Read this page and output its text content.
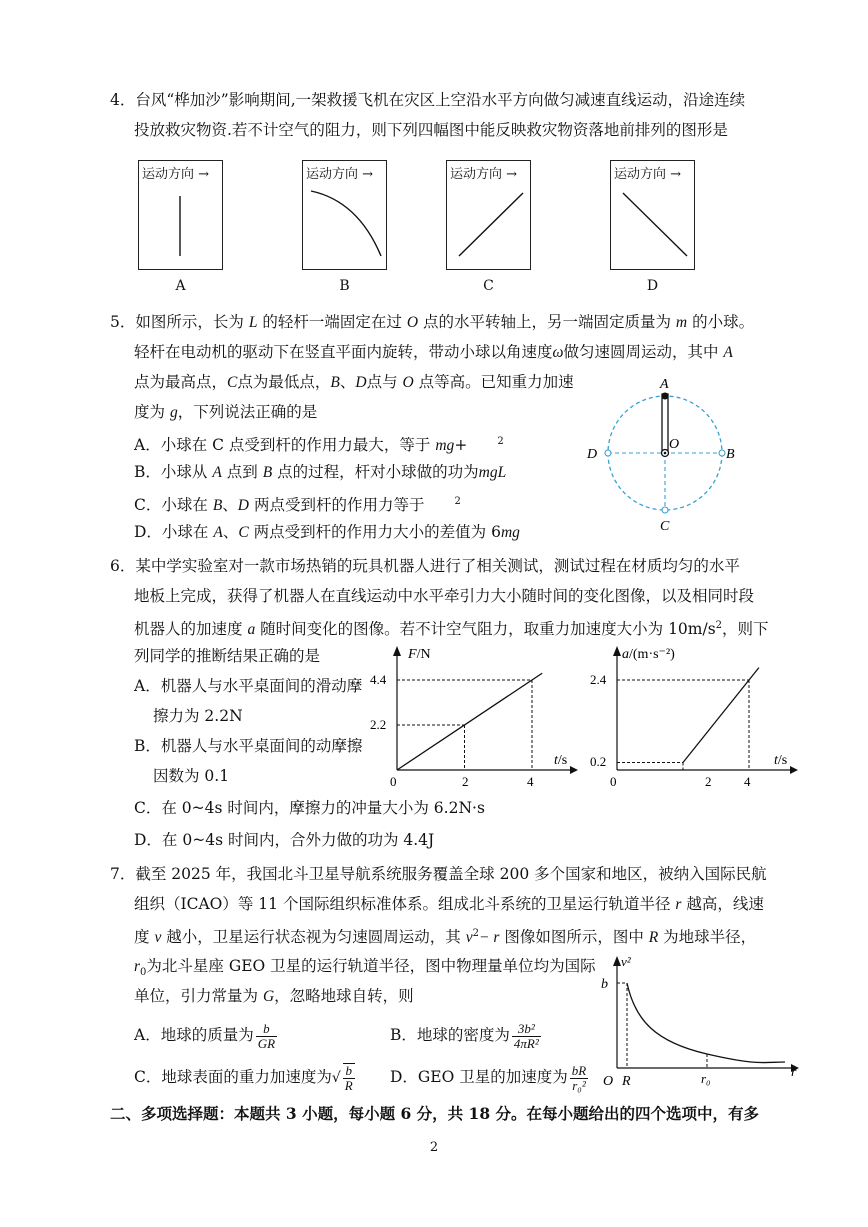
4．台风“桦加沙”影响期间,一架救援飞机在灾区上空沿水平方向做匀减速直线运动，沿途连续
投放救灾物资.若不计空气的阻力，则下列四幅图中能反映救灾物资落地前排列的图形是
运动方向 →
A
运动方向 →
B
运动方向 →
C
运动方向 →
D
5．如图所示，长为 L 的轻杆一端固定在过 O 点的水平转轴上，另一端固定质量为 m 的小球。
轻杆在电动机的驱动下在竖直平面内旋转，带动小球以角速度ω做匀速圆周运动，其中 A
点为最高点，C点为最低点，B、D点与 O 点等高。已知重力加速
度为 g，下列说法正确的是
A．小球在 C 点受到杆的作用力最大，等于 mg+	$^2$
B．小球从 A 点到 B 点的过程，杆对小球做的功为mgL
C．小球在 B、D 两点受到杆的作用力等于	$^2$
D．小球在 A、C 两点受到杆的作用力大小的差值为 6mg
A
B
C
D
O
6．某中学实验室对一款市场热销的玩具机器人进行了相关测试，测试过程在材质均匀的水平
地板上完成，获得了机器人在直线运动中水平牵引力大小随时间的变化图像，以及相同时段
机器人的加速度 a 随时间变化的图像。若不计空气阻力，取重力加速度大小为 $10m/s^2$，则下
列同学的推断结果正确的是
A．机器人与水平桌面间的滑动摩
擦力为 2.2N
B．机器人与水平桌面间的动摩擦
因数为 0.1
C．在 0~4s 时间内，摩擦力的冲量大小为 6.2N·s
D．在 0~4s 时间内，合外力做的功为 4.4J
F/N
t/s
4.4
2.2
0	2	4
a/(m·s⁻²)
t/s
2.4
0.2
0	2	4
7．截至 2025 年，我国北斗卫星导航系统服务覆盖全球 200 多个国家和地区，被纳入国际民航
组织（ICAO）等 11 个国际组织标准体系。组成北斗系统的卫星运行轨道半径 r 越高，线速
度 v 越小，卫星运行状态视为匀速圆周运动，其 $v^2- r$ 图像如图所示，图中 R 为地球半径，
$r_0$为北斗星座 GEO 卫星的运行轨道半径，图中物理量单位均为国际
单位，引力常量为 G，忽略地球自转，则
A．地球的质量为 $\frac{b}{GR}$	B．地球的密度为 $\frac{\text{3b²}}{\text{4πR²}}$
C．地球表面的重力加速度为√ $\frac{b}{R}$ D．GEO 卫星的加速度为 $\frac{bR}{\text{r₀²}}$
v²
b
O R	r₀	r
二、多项选择题：本题共 3 小题，每小题 6 分，共 18 分。在每小题给出的四个选项中，有多
2
